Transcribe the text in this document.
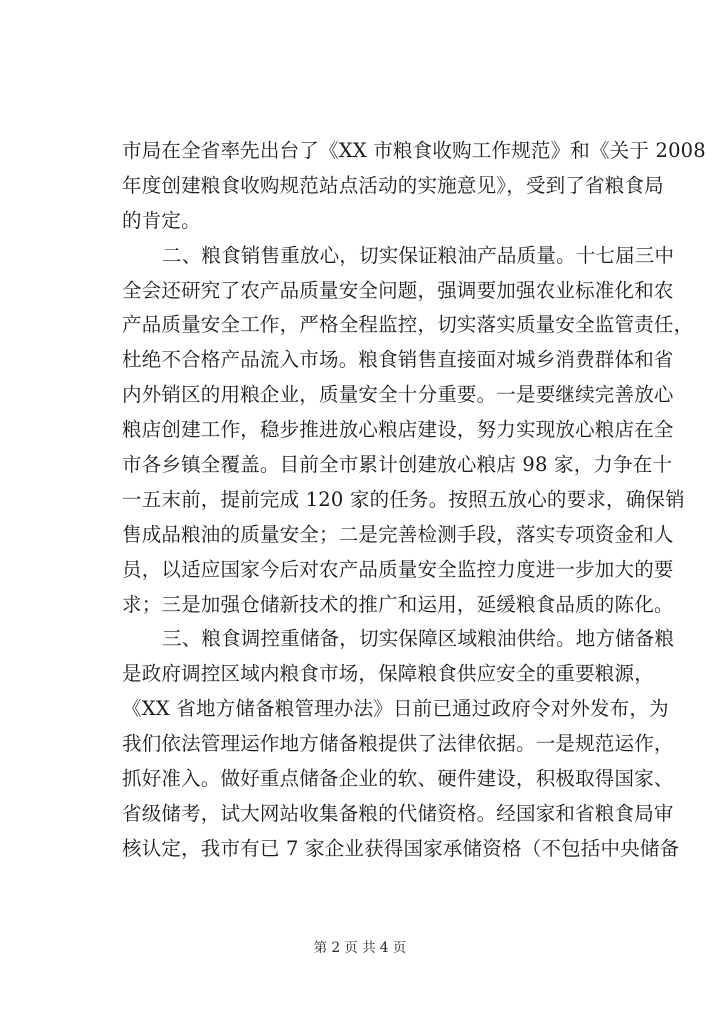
市局在全省率先出台了《XX 市粮食收购工作规范》和《关于 2008
年度创建粮食收购规范站点活动的实施意见》，受到了省粮食局
的肯定。
二、粮食销售重放心，切实保证粮油产品质量。十七届三中
全会还研究了农产品质量安全问题，强调要加强农业标准化和农
产品质量安全工作，严格全程监控，切实落实质量安全监管责任，
杜绝不合格产品流入市场。粮食销售直接面对城乡消费群体和省
内外销区的用粮企业，质量安全十分重要。一是要继续完善放心
粮店创建工作，稳步推进放心粮店建设，努力实现放心粮店在全
市各乡镇全覆盖。目前全市累计创建放心粮店 98 家，力争在十
一五末前，提前完成 120 家的任务。按照五放心的要求，确保销
售成品粮油的质量安全；二是完善检测手段，落实专项资金和人
员，以适应国家今后对农产品质量安全监控力度进一步加大的要
求；三是加强仓储新技术的推广和运用，延缓粮食品质的陈化。
三、粮食调控重储备，切实保障区域粮油供给。地方储备粮
是政府调控区域内粮食市场，保障粮食供应安全的重要粮源，
《XX 省地方储备粮管理办法》日前已通过政府令对外发布，为
我们依法管理运作地方储备粮提供了法律依据。一是规范运作，
抓好准入。做好重点储备企业的软、硬件建设，积极取得国家、
省级储考，试大网站收集备粮的代储资格。经国家和省粮食局审
核认定，我市有已 7 家企业获得国家承储资格（不包括中央储备
第 2 页 共 4 页
